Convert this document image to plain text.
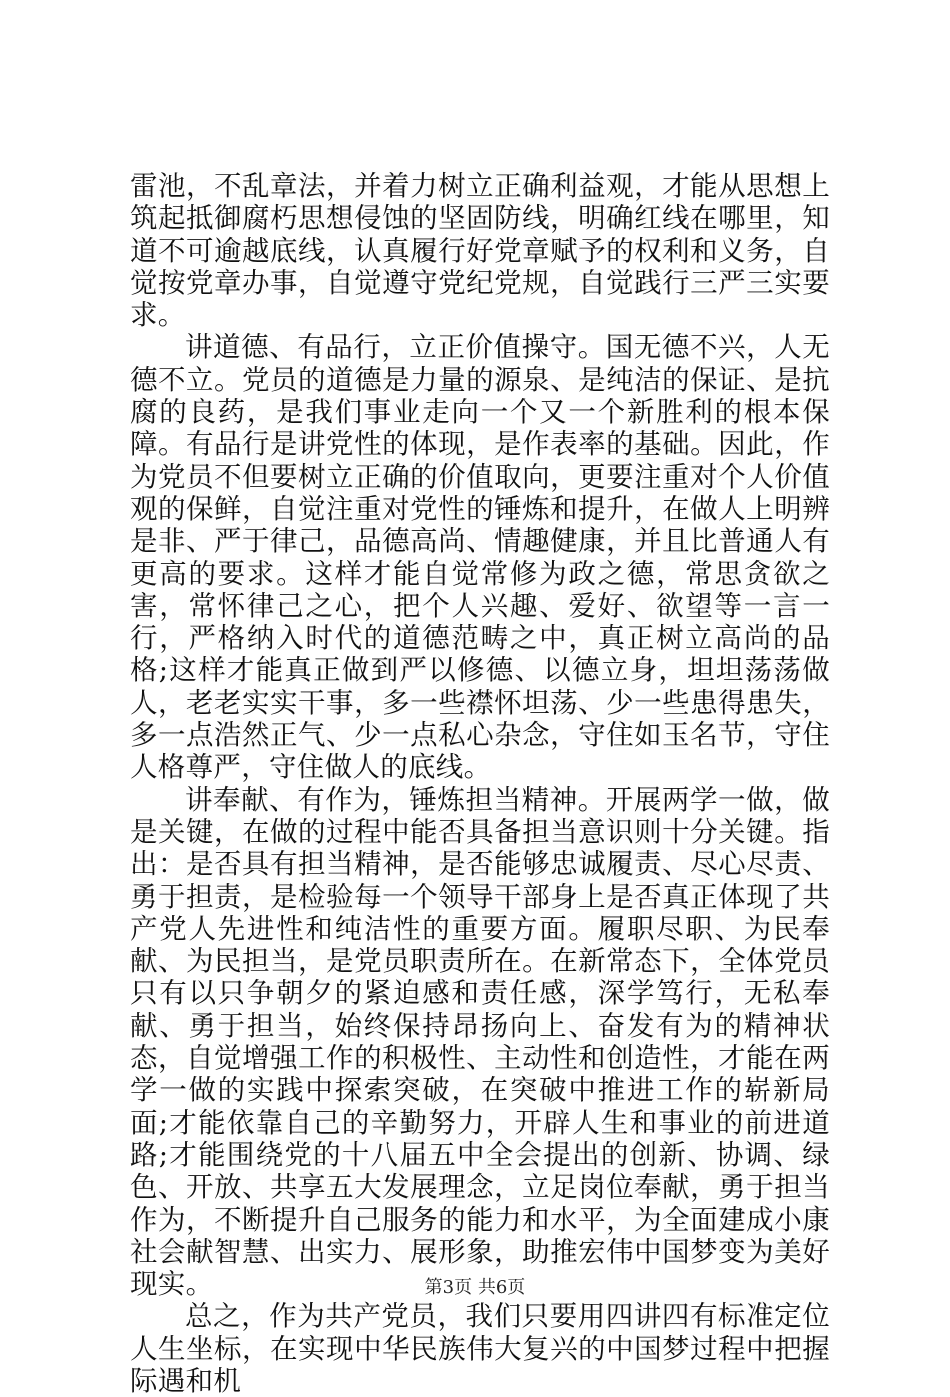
雷池，不乱章法，并着力树立正确利益观，才能从思想上筑起抵御腐朽思想侵蚀的坚固防线，明确红线在哪里，知道不可逾越底线，认真履行好党章赋予的权利和义务，自觉按党章办事，自觉遵守党纪党规，自觉践行三严三实要求。

讲道德、有品行，立正价值操守。国无德不兴，人无德不立。党员的道德是力量的源泉、是纯洁的保证、是抗腐的良药，是我们事业走向一个又一个新胜利的根本保障。有品行是讲党性的体现，是作表率的基础。因此，作为党员不但要树立正确的价值取向，更要注重对个人价值观的保鲜，自觉注重对党性的锤炼和提升，在做人上明辨是非、严于律己，品德高尚、情趣健康，并且比普通人有更高的要求。这样才能自觉常修为政之德，常思贪欲之害，常怀律己之心，把个人兴趣、爱好、欲望等一言一行，严格纳入时代的道德范畴之中，真正树立高尚的品格;这样才能真正做到严以修德、以德立身，坦坦荡荡做人，老老实实干事，多一些襟怀坦荡、少一些患得患失，多一点浩然正气、少一点私心杂念，守住如玉名节，守住人格尊严，守住做人的底线。

讲奉献、有作为，锤炼担当精神。开展两学一做，做是关键，在做的过程中能否具备担当意识则十分关键。指出：是否具有担当精神，是否能够忠诚履责、尽心尽责、勇于担责，是检验每一个领导干部身上是否真正体现了共产党人先进性和纯洁性的重要方面。履职尽职、为民奉献、为民担当，是党员职责所在。在新常态下，全体党员只有以只争朝夕的紧迫感和责任感，深学笃行，无私奉献、勇于担当，始终保持昂扬向上、奋发有为的精神状态，自觉增强工作的积极性、主动性和创造性，才能在两学一做的实践中探索突破，在突破中推进工作的崭新局面;才能依靠自己的辛勤努力，开辟人生和事业的前进道路;才能围绕党的十八届五中全会提出的创新、协调、绿色、开放、共享五大发展理念，立足岗位奉献，勇于担当作为，不断提升自己服务的能力和水平，为全面建成小康社会献智慧、出实力、展形象，助推宏伟中国梦变为美好现实。

总之，作为共产党员，我们只要用四讲四有标准定位人生坐标，在实现中华民族伟大复兴的中国梦过程中把握际遇和机

第3页 共6页
